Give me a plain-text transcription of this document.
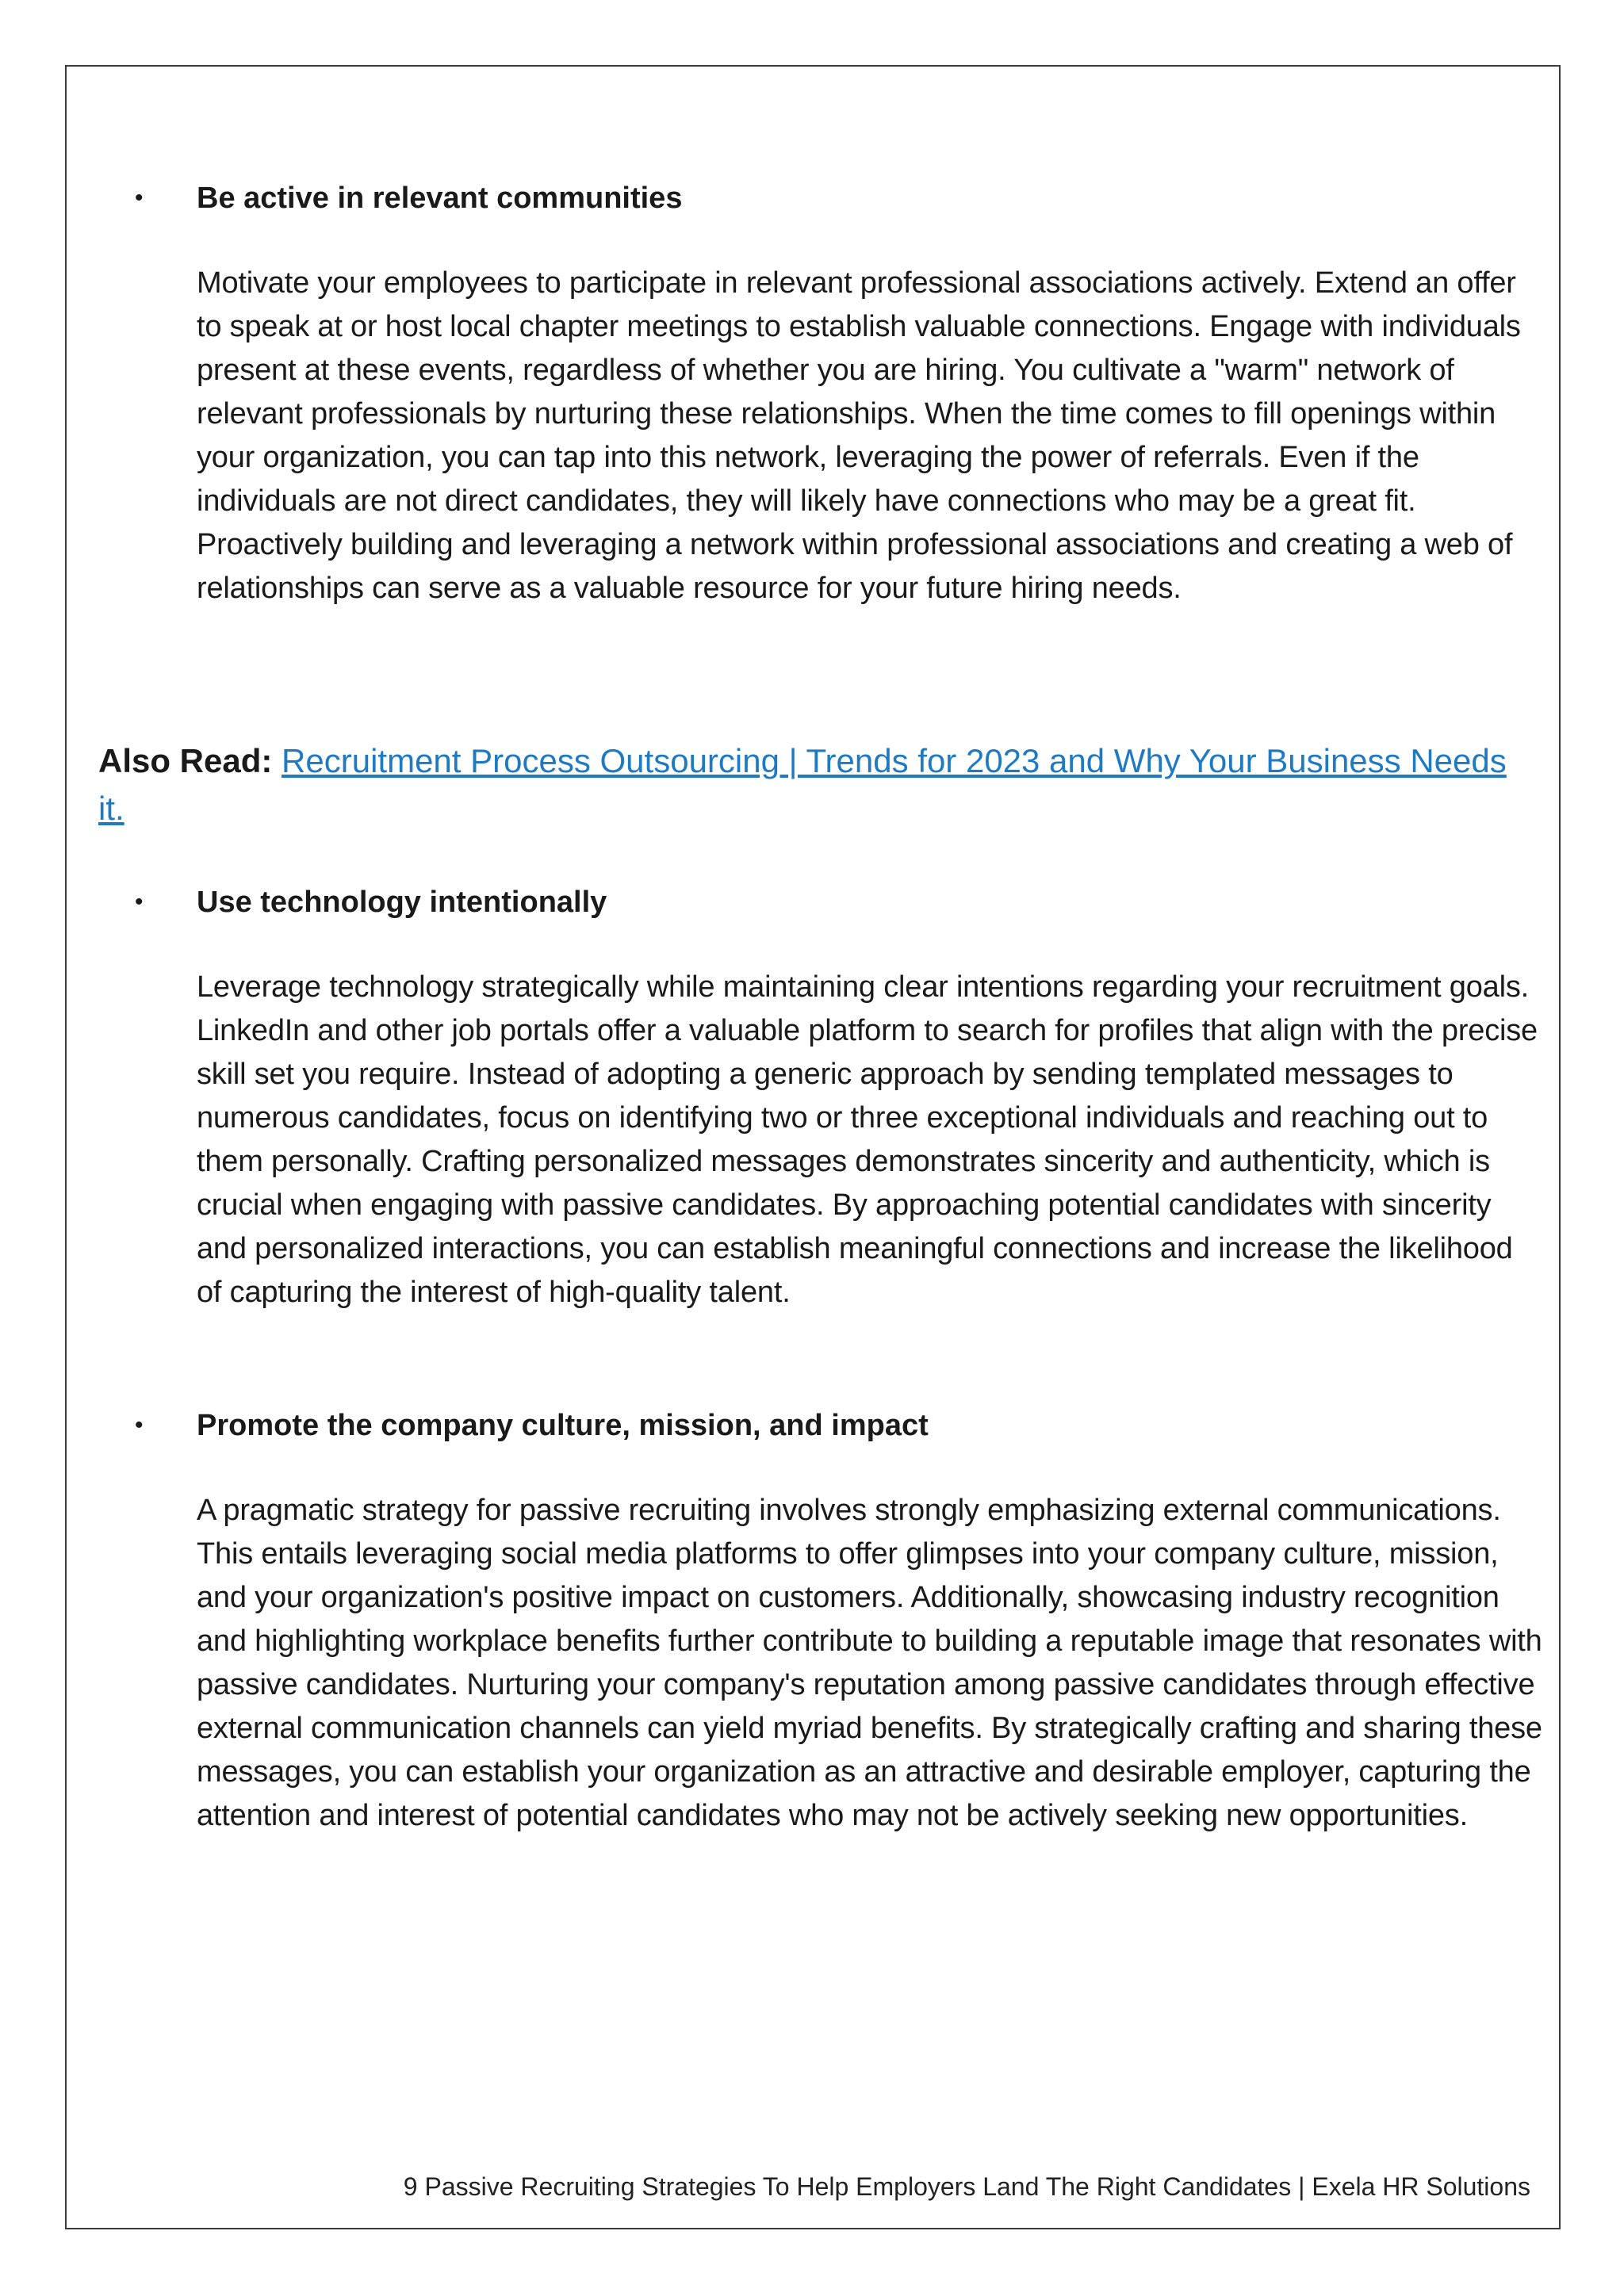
• Be active in relevant communities

Motivate your employees to participate in relevant professional associations actively. Extend an offer to speak at or host local chapter meetings to establish valuable connections. Engage with individuals present at these events, regardless of whether you are hiring. You cultivate a "warm" network of relevant professionals by nurturing these relationships. When the time comes to fill openings within your organization, you can tap into this network, leveraging the power of referrals. Even if the individuals are not direct candidates, they will likely have connections who may be a great fit. Proactively building and leveraging a network within professional associations and creating a web of relationships can serve as a valuable resource for your future hiring needs.

Also Read: Recruitment Process Outsourcing | Trends for 2023 and Why Your Business Needs it.
• Use technology intentionally

Leverage technology strategically while maintaining clear intentions regarding your recruitment goals. LinkedIn and other job portals offer a valuable platform to search for profiles that align with the precise skill set you require. Instead of adopting a generic approach by sending templated messages to numerous candidates, focus on identifying two or three exceptional individuals and reaching out to them personally. Crafting personalized messages demonstrates sincerity and authenticity, which is crucial when engaging with passive candidates. By approaching potential candidates with sincerity and personalized interactions, you can establish meaningful connections and increase the likelihood of capturing the interest of high-quality talent.

• Promote the company culture, mission, and impact

A pragmatic strategy for passive recruiting involves strongly emphasizing external communications. This entails leveraging social media platforms to offer glimpses into your company culture, mission, and your organization's positive impact on customers. Additionally, showcasing industry recognition and highlighting workplace benefits further contribute to building a reputable image that resonates with passive candidates. Nurturing your company's reputation among passive candidates through effective external communication channels can yield myriad benefits. By strategically crafting and sharing these messages, you can establish your organization as an attractive and desirable employer, capturing the attention and interest of potential candidates who may not be actively seeking new opportunities.

9 Passive Recruiting Strategies To Help Employers Land The Right Candidates | Exela HR Solutions
